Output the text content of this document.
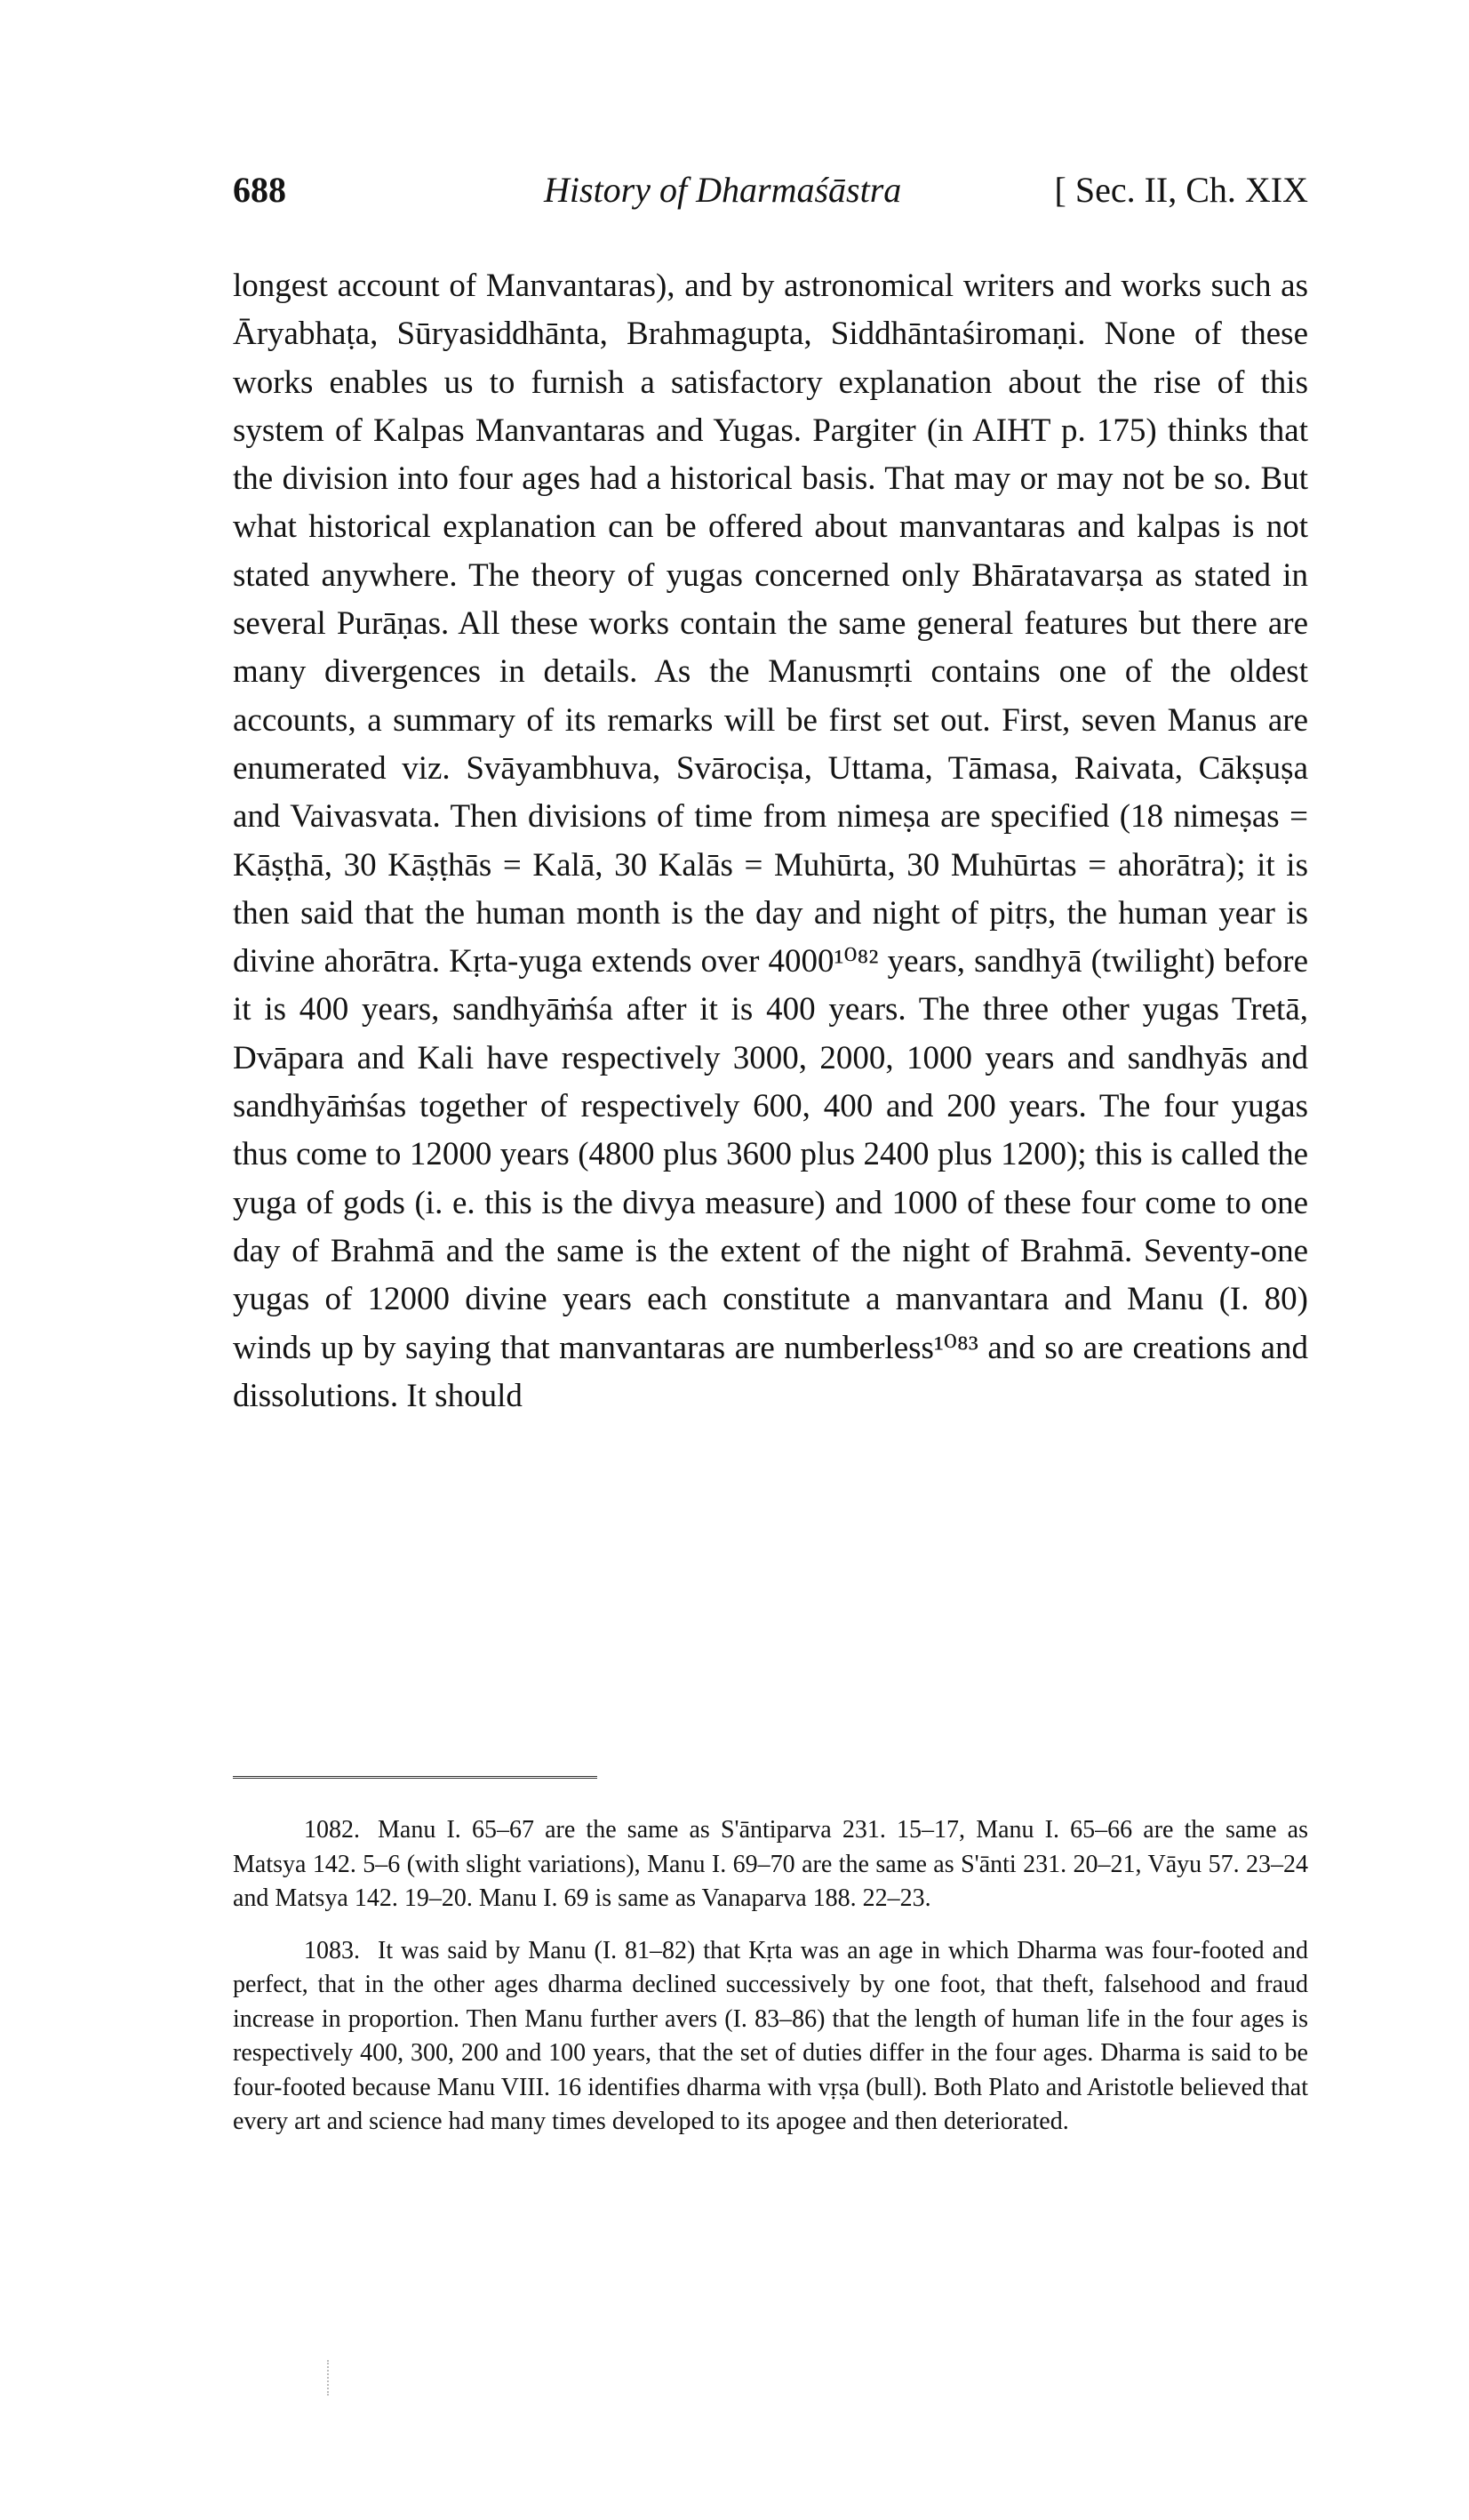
688	History of Dharmaśāstra	[ Sec. II, Ch. XIX

longest account of Manvantaras), and by astronomical writers and works such as Āryabhaṭa, Sūryasiddhānta, Brahmagupta, Siddhāntaśiromaṇi. None of these works enables us to furnish a satisfactory explanation about the rise of this system of Kalpas Manvantaras and Yugas. Pargiter (in AIHT p. 175) thinks that the division into four ages had a historical basis. That may or may not be so. But what historical explanation can be offered about manvantaras and kalpas is not stated anywhere. The theory of yugas concerned only Bhāratavarṣa as stated in several Purāṇas. All these works contain the same general features but there are many divergences in details. As the Manusmṛti contains one of the oldest accounts, a summary of its remarks will be first set out. First, seven Manus are enumerated viz. Svāyambhuva, Svārociṣa, Uttama, Tāmasa, Raivata, Cākṣuṣa and Vaivasvata. Then divisions of time from nimeṣa are specified (18 nimeṣas = Kāṣṭhā, 30 Kāṣṭhās = Kalā, 30 Kalās = Muhūrta, 30 Muhūrtas = ahorātra); it is then said that the human month is the day and night of pitṛs, the human year is divine ahorātra. Kṛta-yuga extends over 4000¹⁰⁸² years, sandhyā (twilight) before it is 400 years, sandhyāṁśa after it is 400 years. The three other yugas Tretā, Dvāpara and Kali have respectively 3000, 2000, 1000 years and sandhyās and sandhyāṁśas together of respectively 600, 400 and 200 years. The four yugas thus come to 12000 years (4800 plus 3600 plus 2400 plus 1200); this is called the yuga of gods (i. e. this is the divya measure) and 1000 of these four come to one day of Brahmā and the same is the extent of the night of Brahmā. Seventy-one yugas of 12000 divine years each constitute a manvantara and Manu (I. 80) winds up by saying that manvantaras are numberless¹⁰⁸³ and so are creations and dissolutions. It should

1082. Manu I. 65–67 are the same as S'āntiparva 231. 15–17, Manu I. 65–66 are the same as Matsya 142. 5–6 (with slight variations), Manu I. 69–70 are the same as S'ānti 231. 20–21, Vāyu 57. 23–24 and Matsya 142. 19–20. Manu I. 69 is same as Vanaparva 188. 22–23.

1083. It was said by Manu (I. 81–82) that Kṛta was an age in which Dharma was four-footed and perfect, that in the other ages dharma declined successively by one foot, that theft, falsehood and fraud increase in proportion. Then Manu further avers (I. 83–86) that the length of human life in the four ages is respectively 400, 300, 200 and 100 years, that the set of duties differ in the four ages. Dharma is said to be four-footed because Manu VIII. 16 identifies dharma with vṛṣa (bull). Both Plato and Aristotle believed that every art and science had many times developed to its apogee and then deteriorated.
